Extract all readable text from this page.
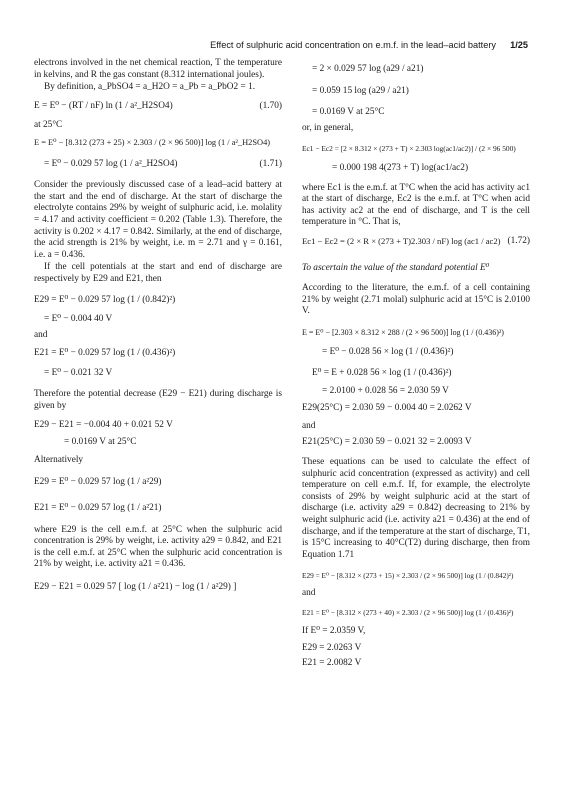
Effect of sulphuric acid concentration on e.m.f. in the lead–acid battery 1/25

electrons involved in the net chemical reaction, T the temperature in kelvins, and R the gas constant (8.312 international joules).

By definition, a_PbSO4 = a_H2O = a_Pb = a_PbO2 = 1.

E = E⁰ − (RT / nF) ln (1 / a²_H2SO4)	(1.70)

at 25°C

E = E⁰ − [8.312 (273 + 25) × 2.303 / (2 × 96 500)] log (1 / a²_H2SO4)
= E⁰ − 0.029 57 log (1 / a²_H2SO4)	(1.71)

Consider the previously discussed case of a lead–acid battery at the start and the end of discharge. At the start of discharge the electrolyte contains 29% by weight of sulphuric acid, i.e. molality = 4.17 and activity coefficient = 0.202 (Table 1.3). Therefore, the activity is 0.202 × 4.17 = 0.842. Similarly, at the end of discharge, the acid strength is 21% by weight, i.e. m = 2.71 and γ = 0.161, i.e. a = 0.436.

If the cell potentials at the start and end of discharge are respectively by E29 and E21, then

E29 = E⁰ − 0.029 57 log (1 / (0.842)²)
= E⁰ − 0.004 40 V

and

E21 = E⁰ − 0.029 57 log (1 / (0.436)²)
= E⁰ − 0.021 32 V

Therefore the potential decrease (E29 − E21) during discharge is given by

E29 − E21 = −0.004 40 + 0.021 52 V
= 0.0169 V at 25°C

Alternatively

E29 = E⁰ − 0.029 57 log (1 / a²29)
E21 = E⁰ − 0.029 57 log (1 / a²21)

where E29 is the cell e.m.f. at 25°C when the sulphuric acid concentration is 29% by weight, i.e. activity a29 = 0.842, and E21 is the cell e.m.f. at 25°C when the sulphuric acid concentration is 21% by weight, i.e. activity a21 = 0.436.

E29 − E21 = 0.029 57 [ log (1 / a²21) − log (1 / a²29) ]
= 2 × 0.029 57 log (a29 / a21)
= 0.059 15 log (a29 / a21)
= 0.0169 V at 25°C

or, in general,

Ec1 − Ec2 = [2 × 8.312 × (273 + T) × 2.303 log(ac1/ac2)] / (2 × 96 500)
= 0.000 198 4(273 + T) log(ac1/ac2)

where Ec1 is the e.m.f. at T°C when the acid has activity ac1 at the start of discharge, Ec2 is the e.m.f. at T°C when acid has activity ac2 at the end of discharge, and T is the cell temperature in °C. That is,

Ec1 − Ec2 = (2 × R × (273 + T)2.303 / nF) log (ac1 / ac2) (1.72)

To ascertain the value of the standard potential E⁰

According to the literature, the e.m.f. of a cell containing 21% by weight (2.71 molal) sulphuric acid at 15°C is 2.0100 V.

E = E⁰ − [2.303 × 8.312 × 288 / (2 × 96 500)] log (1 / (0.436)²)
= E⁰ − 0.028 56 × log (1 / (0.436)²)
E⁰ = E + 0.028 56 × log (1 / (0.436)²)
= 2.0100 + 0.028 56 = 2.030 59 V
E29(25°C) = 2.030 59 − 0.004 40 = 2.0262 V

and

E21(25°C) = 2.030 59 − 0.021 32 = 2.0093 V

These equations can be used to calculate the effect of sulphuric acid concentration (expressed as activity) and cell temperature on cell e.m.f. If, for example, the electrolyte consists of 29% by weight sulphuric acid at the start of discharge (i.e. activity a29 = 0.842) decreasing to 21% by weight sulphuric acid (i.e. activity a21 = 0.436) at the end of discharge, and if the temperature at the start of discharge, T1, is 15°C increasing to 40°C(T2) during discharge, then from Equation 1.71

E29 = E⁰ − [8.312 × (273 + 15) × 2.303 / (2 × 96 500)] log (1 / (0.842)²)

and

E21 = E⁰ − [8.312 × (273 + 40) × 2.303 / (2 × 96 500)] log (1 / (0.436)²)

If E⁰ = 2.0359 V,

E29 = 2.0263 V
E21 = 2.0082 V
